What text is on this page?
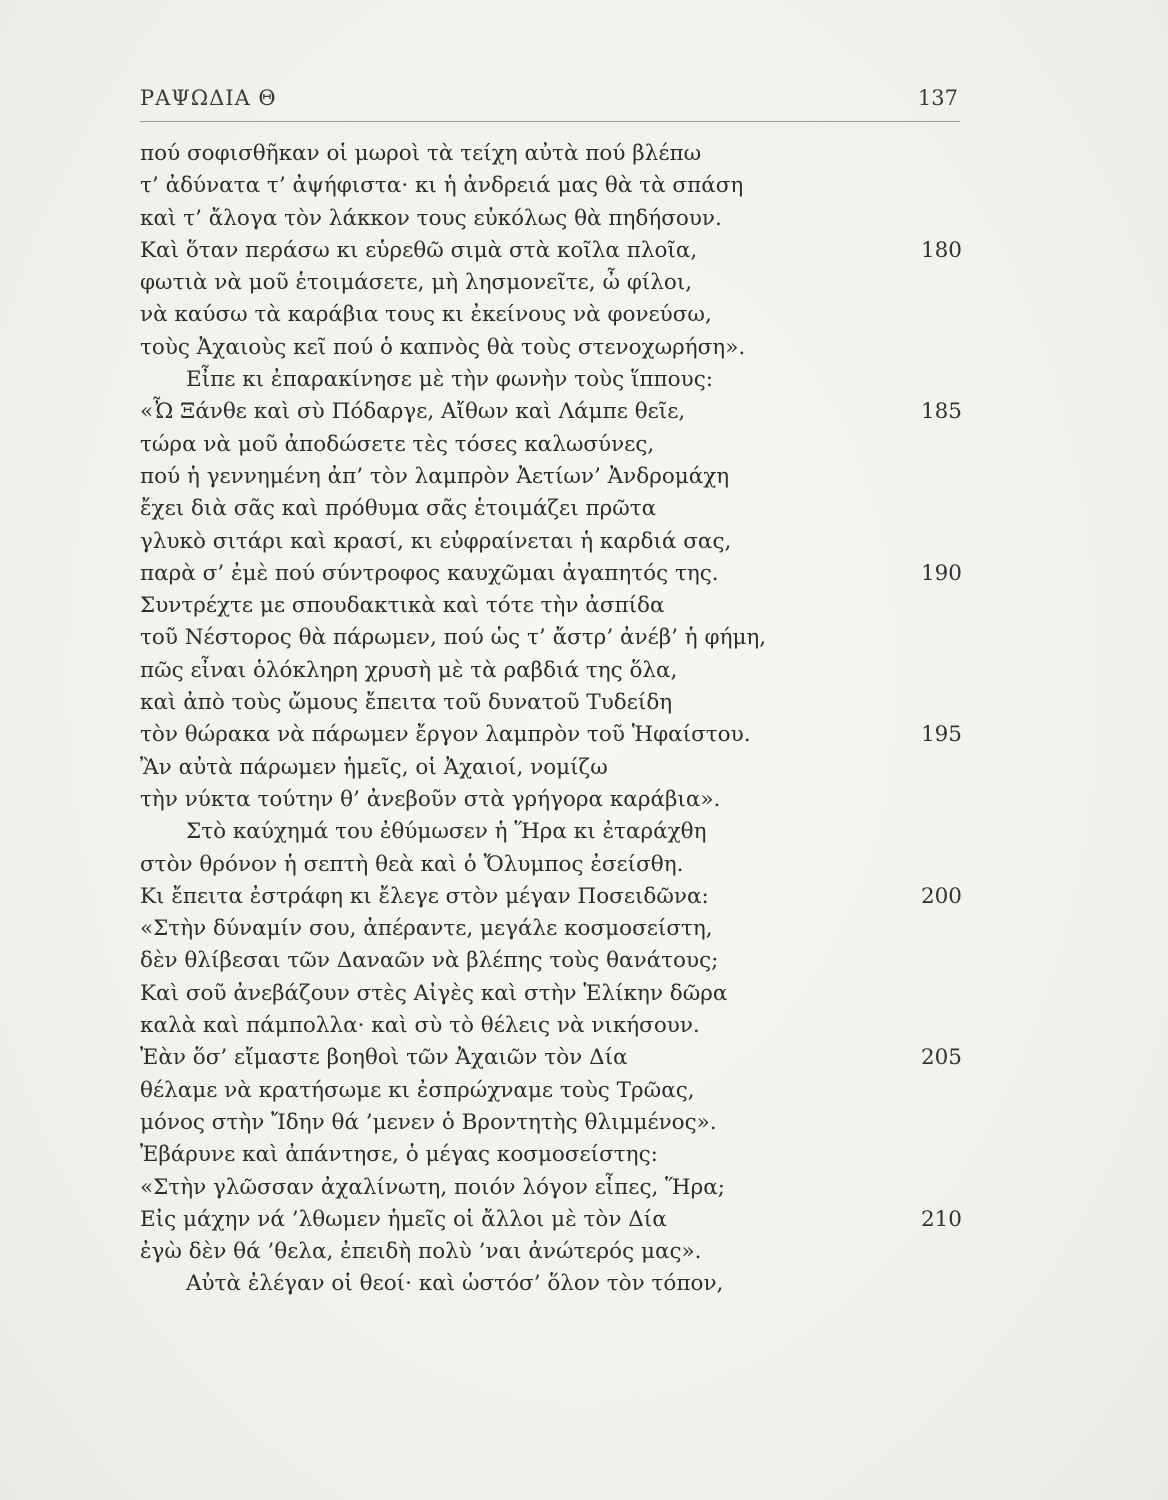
ΡΑΨΩΔΙΑ Θ	137
πού σοφισθῆκαν οἱ μωροὶ τὰ τείχη αὐτὰ πού βλέπω
τ’ ἀδύνατα τ’ ἀψήφιστα· κι ἡ ἀνδρειά μας θὰ τὰ σπάση
καὶ τ’ ἄλογα τὸν λάκκον τους εὐκόλως θὰ πηδήσουν.
Καὶ ὅταν περάσω κι εὑρεθῶ σιμὰ στὰ κοῖλα πλοῖα,	180
φωτιὰ νὰ μοῦ ἑτοιμάσετε, μὴ λησμονεῖτε, ὦ φίλοι,
νὰ καύσω τὰ καράβια τους κι ἐκείνους νὰ φονεύσω,
τοὺς Ἀχαιοὺς κεῖ πού ὁ καπνὸς θὰ τοὺς στενοχωρήση».
Εἶπε κι ἐπαρακίνησε μὲ τὴν φωνὴν τοὺς ἵππους:
«Ὦ Ξάνθε καὶ σὺ Πόδαργε, Αἴθων καὶ Λάμπε θεῖε,	185
τώρα νὰ μοῦ ἀποδώσετε τὲς τόσες καλωσύνες,
πού ἡ γεννημένη ἀπ’ τὸν λαμπρὸν Ἀετίων’ Ἀνδρομάχη
ἔχει διὰ σᾶς καὶ πρόθυμα σᾶς ἑτοιμάζει πρῶτα
γλυκὸ σιτάρι καὶ κρασί, κι εὐφραίνεται ἡ καρδιά σας,
παρὰ σ’ ἐμὲ πού σύντροφος καυχῶμαι ἀγαπητός της.	190
Συντρέχτε με σπουδακτικὰ καὶ τότε τὴν ἀσπίδα
τοῦ Νέστορος θὰ πάρωμεν, πού ὡς τ’ ἄστρ’ ἀνέβ’ ἡ φήμη,
πῶς εἶναι ὁλόκληρη χρυσὴ μὲ τὰ ραβδιά της ὅλα,
καὶ ἀπὸ τοὺς ὤμους ἔπειτα τοῦ δυνατοῦ Τυδείδη
τὸν θώρακα νὰ πάρωμεν ἔργον λαμπρὸν τοῦ Ἡφαίστου.	195
Ἂν αὐτὰ πάρωμεν ἡμεῖς, οἱ Ἀχαιοί, νομίζω
τὴν νύκτα τούτην θ’ ἀνεβοῦν στὰ γρήγορα καράβια».
Στὸ καύχημά του ἐθύμωσεν ἡ Ἥρα κι ἐταράχθη
στὸν θρόνον ἡ σεπτὴ θεὰ καὶ ὁ Ὄλυμπος ἐσείσθη.
Κι ἔπειτα ἐστράφη κι ἔλεγε στὸν μέγαν Ποσειδῶνα:	200
«Στὴν δύναμίν σου, ἀπέραντε, μεγάλε κοσμοσείστη,
δὲν θλίβεσαι τῶν Δαναῶν νὰ βλέπης τοὺς θανάτους;
Καὶ σοῦ ἀνεβάζουν στὲς Αἰγὲς καὶ στὴν Ἑλίκην δῶρα
καλὰ καὶ πάμπολλα· καὶ σὺ τὸ θέλεις νὰ νικήσουν.
Ἐὰν ὅσ’ εἴμαστε βοηθοὶ τῶν Ἀχαιῶν τὸν Δία	205
θέλαμε νὰ κρατήσωμε κι ἐσπρώχναμε τοὺς Τρῶας,
μόνος στὴν Ἴδην θά ’μενεν ὁ Βροντητὴς θλιμμένος».
Ἐβάρυνε καὶ ἀπάντησε, ὁ μέγας κοσμοσείστης:
«Στὴν γλῶσσαν ἀχαλίνωτη, ποιόν λόγον εἶπες, Ἥρα;
Εἰς μάχην νά ’λθωμεν ἡμεῖς οἱ ἄλλοι μὲ τὸν Δία	210
ἐγὼ δὲν θά ’θελα, ἐπειδὴ πολὺ ’ναι ἀνώτερός μας».
Αὐτὰ ἐλέγαν οἱ θεοί· καὶ ὡστόσ’ ὅλον τὸν τόπον,
